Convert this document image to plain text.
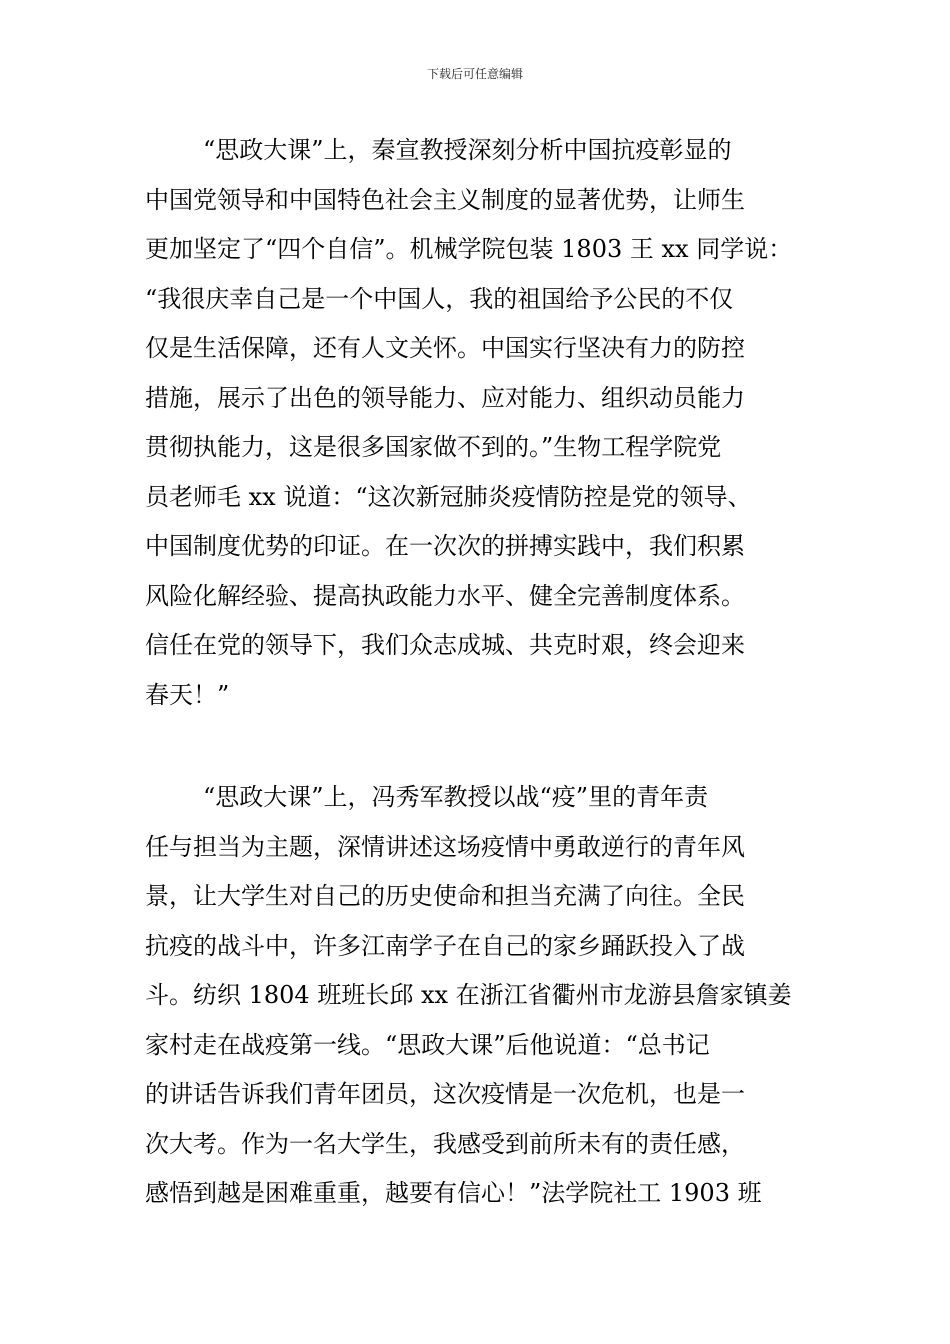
下载后可任意编辑
“思政大课”上，秦宣教授深刻分析中国抗疫彰显的
中国党领导和中国特色社会主义制度的显著优势，让师生
更加坚定了“四个自信”。机械学院包装 1803 王 xx 同学说：
“我很庆幸自己是一个中国人，我的祖国给予公民的不仅
仅是生活保障，还有人文关怀。中国实行坚决有力的防控
措施，展示了出色的领导能力、应对能力、组织动员能力
贯彻执能力，这是很多国家做不到的。”生物工程学院党
员老师毛 xx 说道：“这次新冠肺炎疫情防控是党的领导、
中国制度优势的印证。在一次次的拼搏实践中，我们积累
风险化解经验、提高执政能力水平、健全完善制度体系。
信任在党的领导下，我们众志成城、共克时艰，终会迎来
春天！”
“思政大课”上，冯秀军教授以战“疫”里的青年责
任与担当为主题，深情讲述这场疫情中勇敢逆行的青年风
景，让大学生对自己的历史使命和担当充满了向往。全民
抗疫的战斗中，许多江南学子在自己的家乡踊跃投入了战
斗。纺织 1804 班班长邱 xx 在浙江省衢州市龙游县詹家镇姜
家村走在战疫第一线。“思政大课”后他说道：“总书记
的讲话告诉我们青年团员，这次疫情是一次危机，也是一
次大考。作为一名大学生，我感受到前所未有的责任感，
感悟到越是困难重重，越要有信心！”法学院社工 1903 班
